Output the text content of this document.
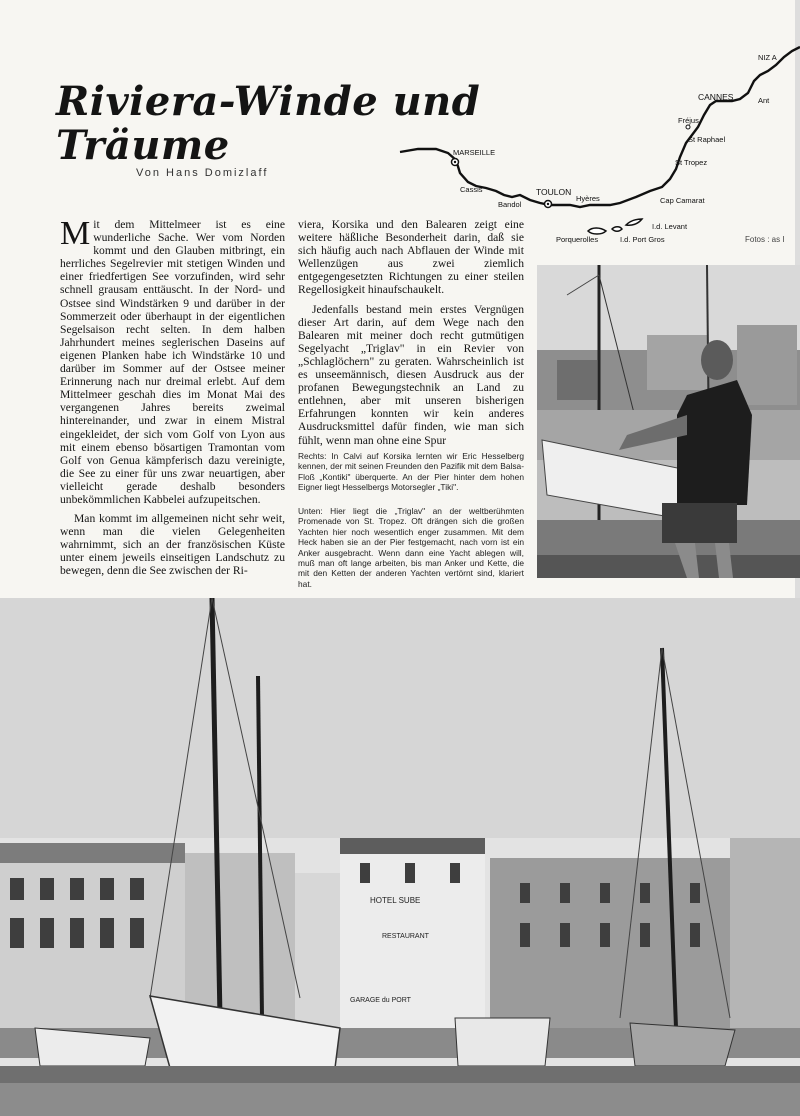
Riviera-Winde und Träume
Von Hans Domizlaff
NIZ A
CANNES	Ant
Fréjus
St Raphael
St Tropez
MARSEILLE
Cassis
Bandol
TOULON
Hyères	Cap Camarat
I.d. Levant
I.d. Port Gros
Porquerolles	Fotos : as I

Mit dem Mittelmeer ist es eine wunderliche Sache. Wer vom Norden kommt und den Glauben mitbringt, ein herrliches Segelrevier mit stetigen Winden und einer friedfertigen See vorzufinden, wird sehr schnell grausam enttäuscht. In der Nord- und Ostsee sind Windstärken 9 und darüber in der Sommerzeit oder überhaupt in der eigentlichen Segelsaison recht selten. In dem halben Jahrhundert meines seglerischen Daseins auf eigenen Planken habe ich Windstärke 10 und darüber im Sommer auf der Ostsee meiner Erinnerung nach nur dreimal erlebt. Auf dem Mittelmeer geschah dies im Monat Mai des vergangenen Jahres bereits zweimal hintereinander, und zwar in einem Mistral eingekleidet, der sich vom Golf von Lyon aus mit einem ebenso bösartigen Tramontan vom Golf von Genua kämpferisch dazu vereinigte, die See zu einer für uns zwar neuartigen, aber vielleicht gerade deshalb besonders unbekömmlichen Kabbelei aufzupeitschen.

Man kommt im allgemeinen nicht sehr weit, wenn man die vielen Gelegenheiten wahrnimmt, sich an der französischen Küste unter einem jeweils einseitigen Landschutz zu bewegen, denn die See zwischen der Ri-

viera, Korsika und den Balearen zeigt eine weitere häßliche Besonderheit darin, daß sie sich häufig auch nach Abflauen der Winde mit Wellenzügen aus zwei ziemlich entgegengesetzten Richtungen zu einer steilen Regellosigkeit hinaufschaukelt.

Jedenfalls bestand mein erstes Vergnügen dieser Art darin, auf dem Wege nach den Balearen mit meiner doch recht gutmütigen Segelyacht „Triglav" in ein Revier von „Schlaglöchern" zu geraten. Wahrscheinlich ist es unseemännisch, diesen Ausdruck aus der profanen Bewegungstechnik an Land zu entlehnen, aber mit unseren bisherigen Erfahrungen konnten wir kein anderes Ausdrucksmittel dafür finden, wie man sich fühlt, wenn man ohne eine Spur

Rechts: In Calvi auf Korsika lernten wir Eric Hesselberg kennen, der mit seinen Freunden den Pazifik mit dem Balsa-Floß „Kontiki" überquerte. An der Pier hinter dem hohen Eigner liegt Hesselbergs Motorsegler „Tiki".
Unten: Hier liegt die „Triglav" an der weltberühmten Promenade von St. Tropez. Oft drängen sich die großen Yachten hier noch wesentlich enger zusammen. Mit dem Heck haben sie an der Pier festgemacht, nach vorn ist ein Anker ausgebracht. Wenn dann eine Yacht ablegen will, muß man oft lange arbeiten, bis man Anker und Kette, die mit den Ketten der anderen Yachten vertörnt sind, klariert hat.
HOTEL SUBE
RESTAURANT
GARAGE du PORT
